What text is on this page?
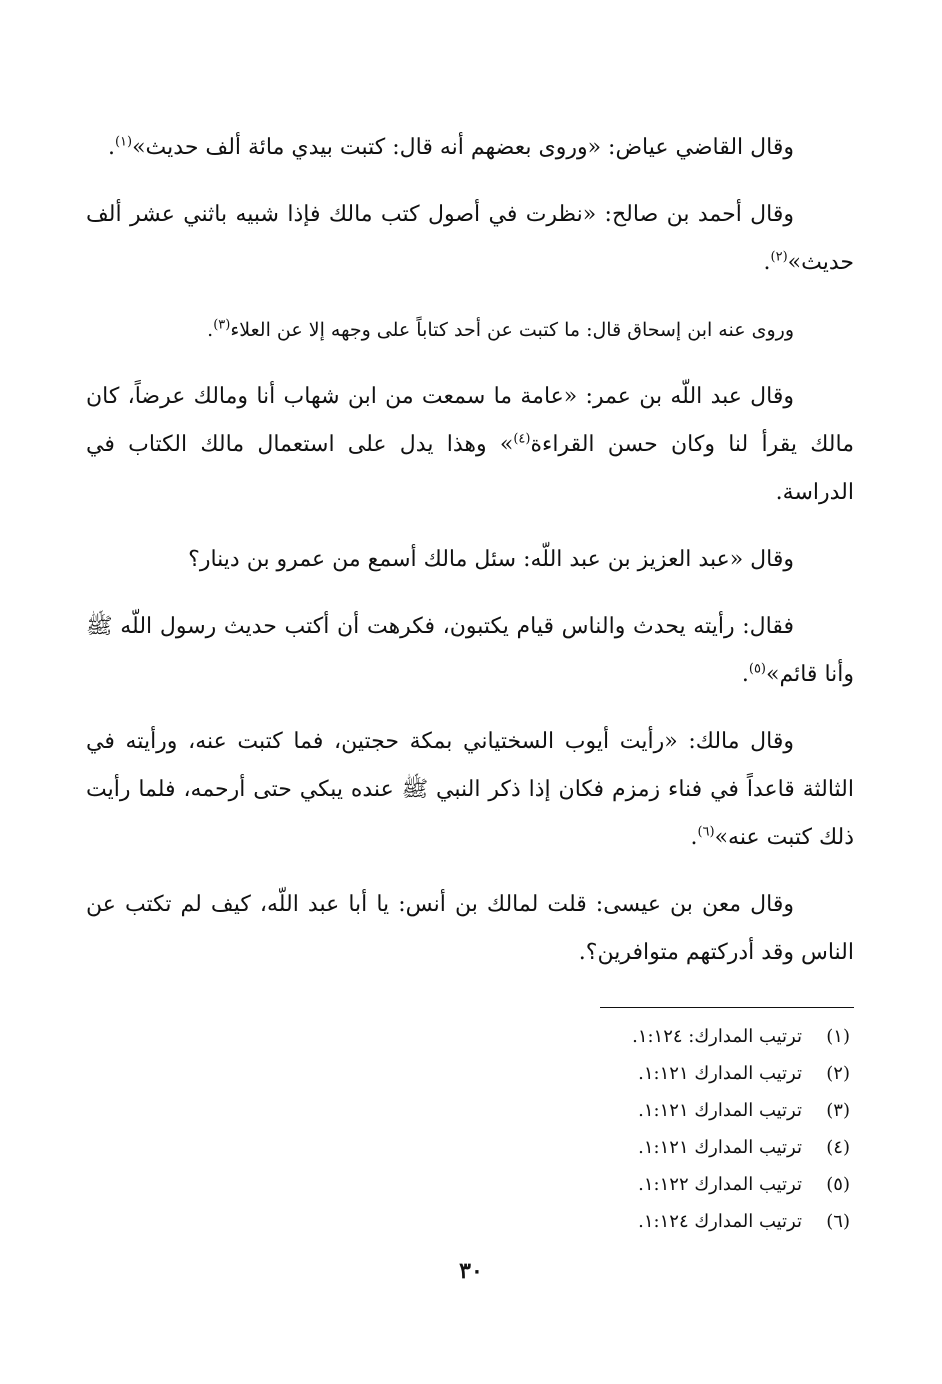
وقال القاضي عياض: «وروى بعضهم أنه قال: كتبت بيدي مائة ألف حديث»$^{(١)}$.

وقال أحمد بن صالح: «نظرت في أصول كتب مالك فإذا شبيه باثني عشر ألف حديث»$^{(٢)}$.

وروى عنه ابن إسحاق قال: ما كتبت عن أحد كتاباً على وجهه إلا عن العلاء$^{(٣)}$.

وقال عبد اللّه بن عمر: «عامة ما سمعت من ابن شهاب أنا ومالك عرضاً، كان مالك يقرأ لنا وكان حسن القراءة$^{(٤)}$» وهذا يدل على استعمال مالك الكتاب في الدراسة.

وقال «عبد العزيز بن عبد اللّه: سئل مالك أسمع من عمرو بن دينار؟

فقال: رأيته يحدث والناس قيام يكتبون، فكرهت أن أكتب حديث رسول اللّه ﷺ وأنا قائم»$^{(٥)}$.

وقال مالك: «رأيت أيوب السختياني بمكة حجتين، فما كتبت عنه، ورأيته في الثالثة قاعداً في فناء زمزم فكان إذا ذكر النبي ﷺ عنده يبكي حتى أرحمه، فلما رأيت ذلك كتبت عنه»$^{(٦)}$.

وقال معن بن عيسى: قلت لمالك بن أنس: يا أبا عبد اللّه، كيف لم تكتب عن الناس وقد أدركتهم متوافرين؟.

(١)ترتيب المدارك: ١:١٢٤.
(٢)ترتيب المدارك ١:١٢١.
(٣)ترتيب المدارك ١:١٢١.
(٤)ترتيب المدارك ١:١٢١.
(٥)ترتيب المدارك ١:١٢٢.
(٦)ترتيب المدارك ١:١٢٤.
٣٠
